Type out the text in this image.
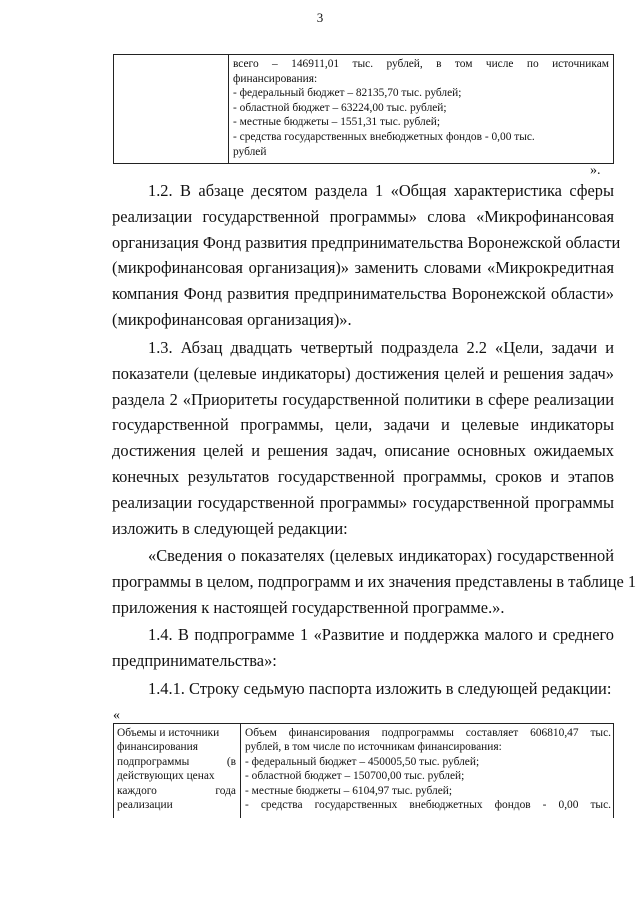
3
всего – 146911,01 тыс. рублей, в том числе по источникам
финансирования:
- федеральный бюджет – 82135,70 тыс. рублей;
- областной бюджет – 63224,00 тыс. рублей;
- местные бюджеты – 1551,31 тыс. рублей;
- средства государственных внебюджетных фондов - 0,00 тыс.
рублей
».
1.2. В абзаце десятом раздела 1 «Общая характеристика сферы
реализации государственной программы» слова «Микрофинансовая
организация Фонд развития предпринимательства Воронежской области
(микрофинансовая организация)» заменить словами «Микрокредитная
компания Фонд развития предпринимательства Воронежской области»
(микрофинансовая организация)».
1.3. Абзац двадцать четвертый подраздела 2.2 «Цели, задачи и
показатели (целевые индикаторы) достижения целей и решения задач»
раздела 2 «Приоритеты государственной политики в сфере реализации
государственной программы, цели, задачи и целевые индикаторы
достижения целей и решения задач, описание основных ожидаемых
конечных результатов государственной программы, сроков и этапов
реализации государственной программы» государственной программы
изложить в следующей редакции:
«Сведения о показателях (целевых индикаторах) государственной
программы в целом, подпрограмм и их значения представлены в таблице 1
приложения к настоящей государственной программе.».
1.4. В подпрограмме 1 «Развитие и поддержка малого и среднего
предпринимательства»:
1.4.1. Строку седьмую паспорта изложить в следующей редакции:
«
Объемы и источники
финансирования
подпрограммы (в
действующих ценах
каждого года
реализации
Объем финансирования подпрограммы составляет 606810,47 тыс.
рублей, в том числе по источникам финансирования:
- федеральный бюджет – 450005,50 тыс. рублей;
- областной бюджет – 150700,00 тыс. рублей;
- местные бюджеты – 6104,97 тыс. рублей;
- средства государственных внебюджетных фондов - 0,00 тыс.
